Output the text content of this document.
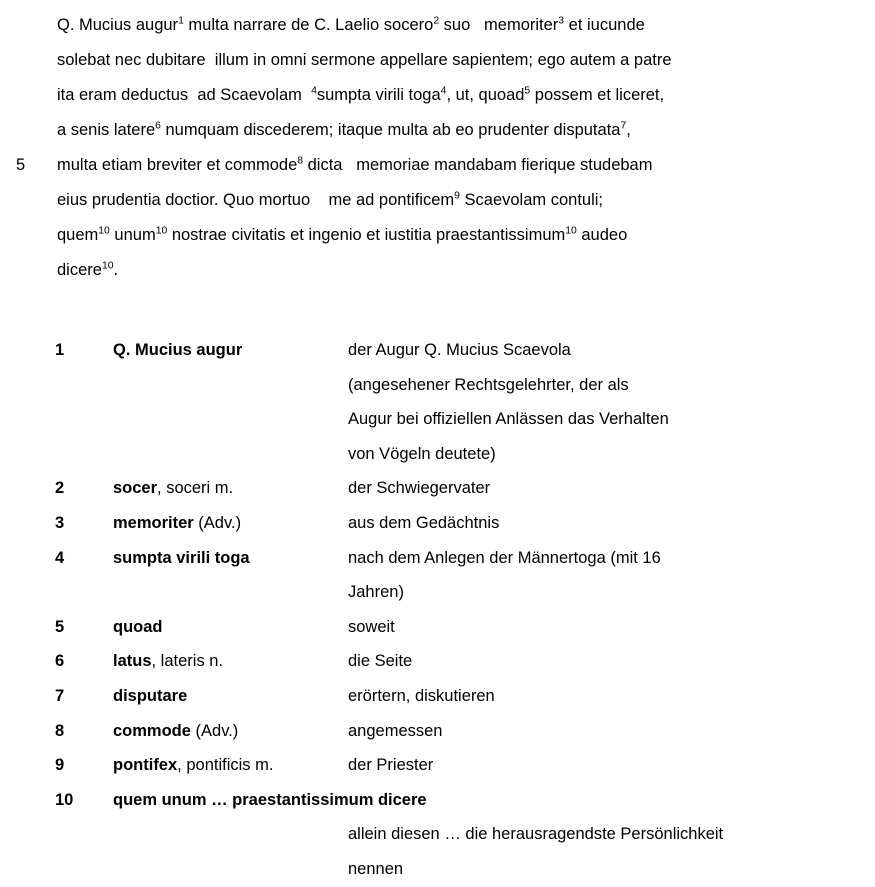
Q. Mucius augur$^1$ multa narrare de C. Laelio socero$^2$ suo   memoriter$^3$ et iucunde
solebat nec dubitare  illum in omni sermone appellare sapientem; ego autem a patre
ita eram deductus  ad Scaevolam  $^4$sumpta virili toga$^4$, ut, quoad$^5$ possem et liceret,
a senis latere$^6$ numquam discederem; itaque multa ab eo prudenter disputata$^7$,
5	multa etiam breviter et commode$^8$ dicta   memoriae mandabam fierique studebam
eius prudentia doctior. Quo mortuo    me ad pontificem$^9$ Scaevolam contuli;
quem$^{10}$ unum$^{10}$ nostrae civitatis et ingenio et iustitia praestantissimum$^{10}$ audeo
dicere$^{10}$.
1	Q. Mucius augur	der Augur Q. Mucius Scaevola
(angesehener Rechtsgelehrter, der als
Augur bei offiziellen Anlässen das Verhalten
von Vögeln deutete)
2	socer, soceri m.	der Schwiegervater
3	memoriter (Adv.)	aus dem Gedächtnis
4	sumpta virili toga	nach dem Anlegen der Männertoga (mit 16
Jahren)
5	quoad	soweit
6	latus, lateris n.	die Seite
7	disputare	erörtern, diskutieren
8	commode (Adv.)	angemessen
9	pontifex, pontificis m.	der Priester
10	quem unum … praestantissimum dicere
allein diesen … die herausragendste Persönlichkeit
nennen
